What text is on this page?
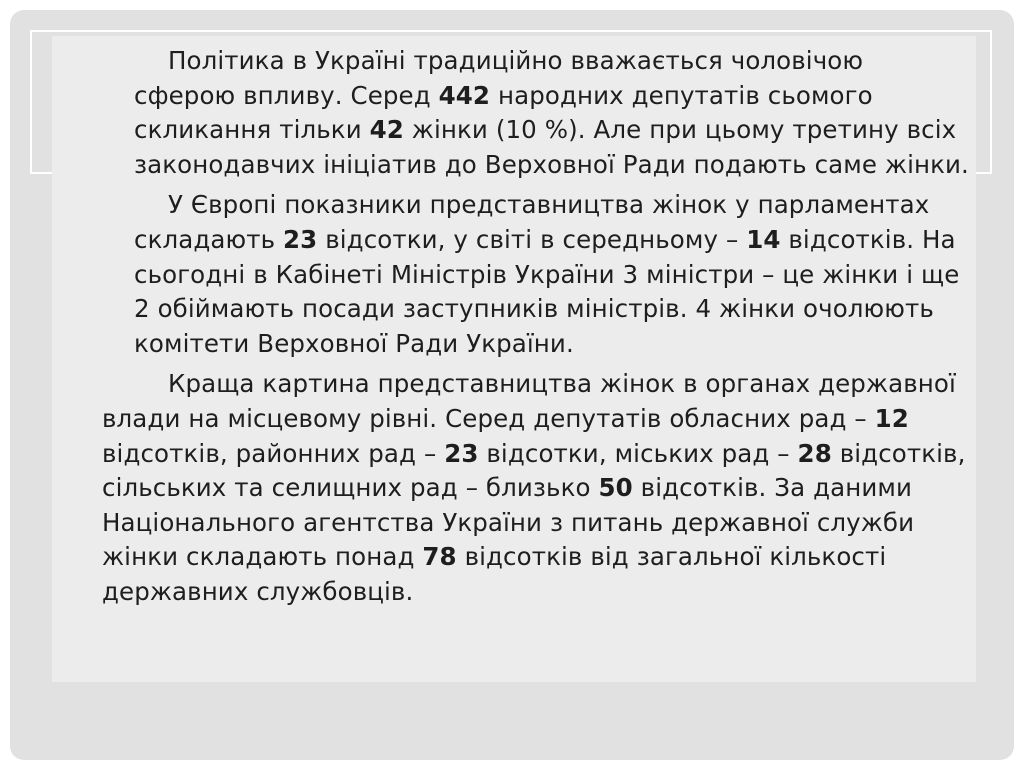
Політика в Україні традиційно вважається чоловічою сферою впливу. Серед 442 народних депутатів сьомого скликання тільки 42 жінки (10 %). Але при цьому третину всіх законодавчих ініціатив до Верховної Ради подають саме жінки.

У Європі показники представництва жінок у парламентах складають 23 відсотки, у світі в середньому – 14 відсотків. На сьогодні в Кабінеті Міністрів України 3 міністри – це жінки і ще 2 обіймають посади заступників міністрів. 4 жінки очолюють комітети Верховної Ради України.

Краща картина представництва жінок в органах державної влади на місцевому рівні. Серед депутатів обласних рад – 12 відсотків, районних рад – 23 відсотки, міських рад – 28 відсотків, сільських та селищних рад – близько 50 відсотків. За даними Національного агентства України з питань державної служби жінки складають понад 78 відсотків від загальної кількості державних службовців.
